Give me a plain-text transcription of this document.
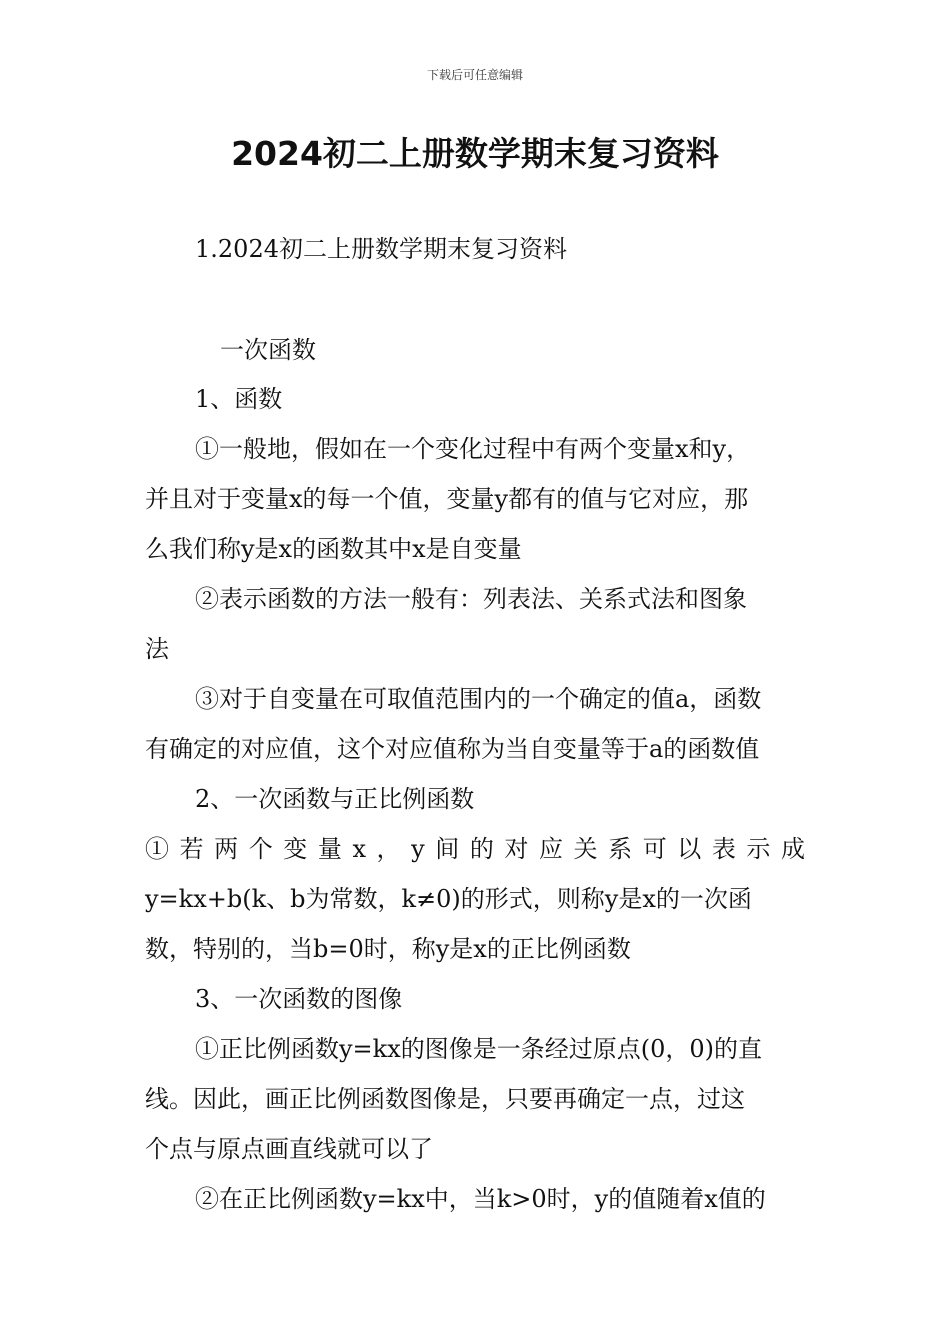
下载后可任意编辑
2024初二上册数学期末复习资料
1.2024初二上册数学期末复习资料
一次函数
1、函数
①一般地，假如在一个变化过程中有两个变量x和y，
并且对于变量x的每一个值，变量y都有的值与它对应，那
么我们称y是x的函数其中x是自变量
②表示函数的方法一般有：列表法、关系式法和图象
法
③对于自变量在可取值范围内的一个确定的值a，函数
有确定的对应值，这个对应值称为当自变量等于a的函数值
2、一次函数与正比例函数
①若两个变量x，y间的对应关系可以表示成
y=kx+b(k、b为常数，k≠0)的形式，则称y是x的一次函
数，特别的，当b=0时，称y是x的正比例函数
3、一次函数的图像
①正比例函数y=kx的图像是一条经过原点(0，0)的直
线。因此，画正比例函数图像是，只要再确定一点，过这
个点与原点画直线就可以了
②在正比例函数y=kx中，当k>0时，y的值随着x值的
